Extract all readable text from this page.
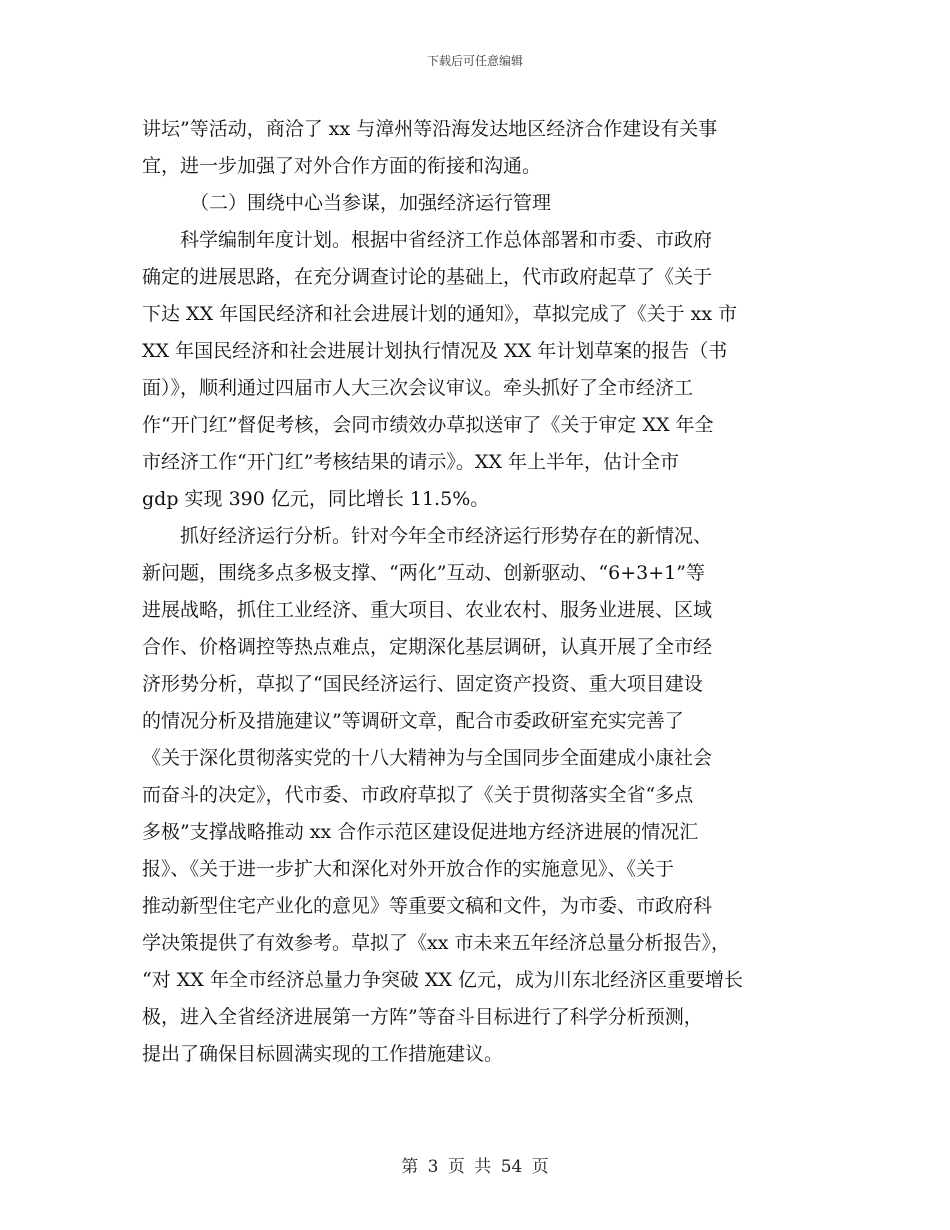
下载后可任意编辑
讲坛”等活动，商洽了 xx 与漳州等沿海发达地区经济合作建设有关事
宜，进一步加强了对外合作方面的衔接和沟通。
（二）围绕中心当参谋，加强经济运行管理
科学编制年度计划。根据中省经济工作总体部署和市委、市政府
确定的进展思路，在充分调查讨论的基础上，代市政府起草了《关于
下达 XX 年国民经济和社会进展计划的通知》，草拟完成了《关于 xx 市
XX 年国民经济和社会进展计划执行情况及 XX 年计划草案的报告（书
面）》，顺利通过四届市人大三次会议审议。牵头抓好了全市经济工
作“开门红”督促考核，会同市绩效办草拟送审了《关于审定 XX 年全
市经济工作“开门红”考核结果的请示》。XX 年上半年，估计全市
gdp 实现 390 亿元，同比增长 11.5%。
抓好经济运行分析。针对今年全市经济运行形势存在的新情况、
新问题，围绕多点多极支撑、“两化”互动、创新驱动、“6+3+1”等
进展战略，抓住工业经济、重大项目、农业农村、服务业进展、区域
合作、价格调控等热点难点，定期深化基层调研，认真开展了全市经
济形势分析，草拟了“国民经济运行、固定资产投资、重大项目建设
的情况分析及措施建议”等调研文章，配合市委政研室充实完善了
《关于深化贯彻落实党的十八大精神为与全国同步全面建成小康社会
而奋斗的决定》，代市委、市政府草拟了《关于贯彻落实全省“多点
多极”支撑战略推动 xx 合作示范区建设促进地方经济进展的情况汇
报》、《关于进一步扩大和深化对外开放合作的实施意见》、《关于
推动新型住宅产业化的意见》等重要文稿和文件，为市委、市政府科
学决策提供了有效参考。草拟了《xx 市未来五年经济总量分析报告》，
“对 XX 年全市经济总量力争突破 XX 亿元，成为川东北经济区重要增长
极，进入全省经济进展第一方阵”等奋斗目标进行了科学分析预测，
提出了确保目标圆满实现的工作措施建议。
第 3 页 共 54 页
